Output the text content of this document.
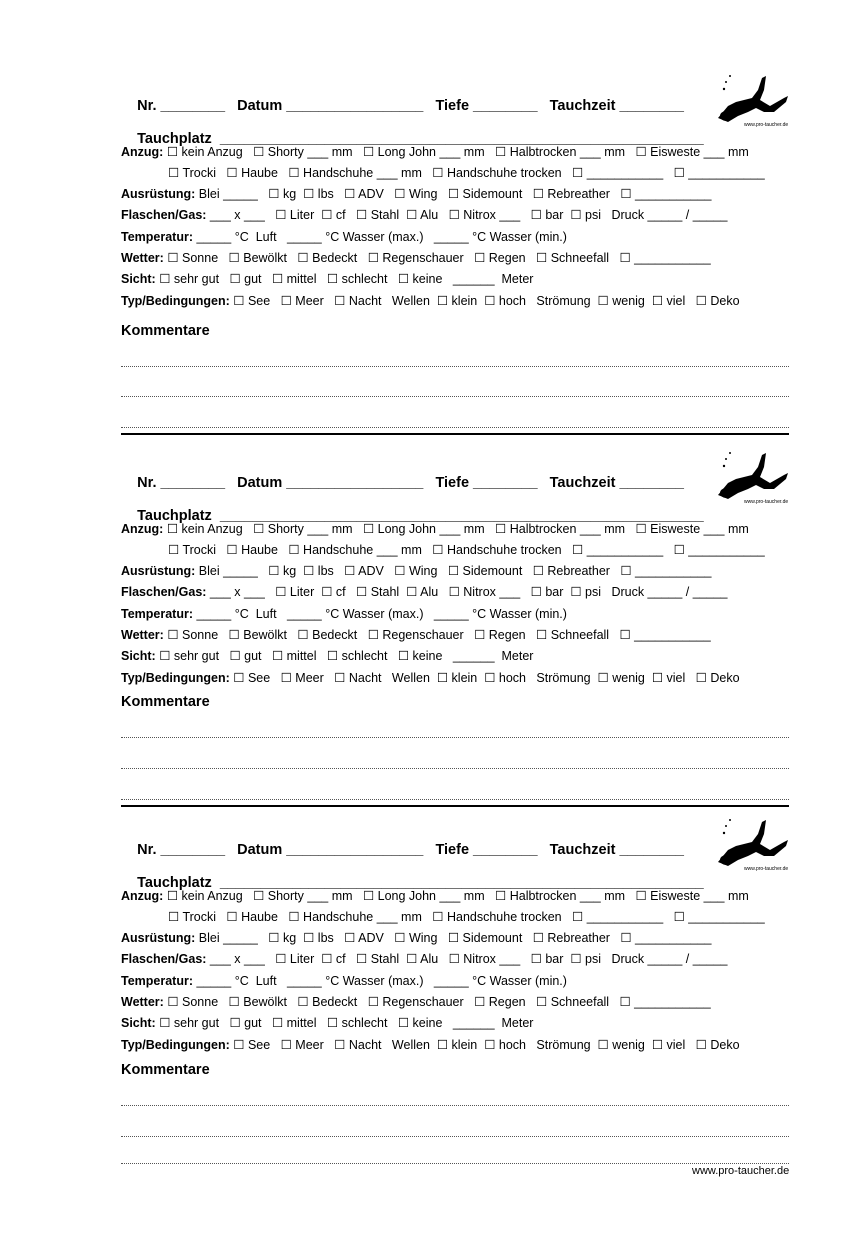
Nr. ________ Datum _________________ Tiefe ________ Tauchzeit ________

Tauchplatz ____________________________________________________________

www.pro-taucher.de
Anzug: ☐ kein Anzug   ☐ Shorty ___ mm   ☐ Long John ___ mm   ☐ Halbtrocken ___ mm   ☐ Eisweste ___ mm
☐ Trocki   ☐ Haube   ☐ Handschuhe ___ mm   ☐ Handschuhe trocken   ☐ ___________   ☐ ___________
Ausrüstung: Blei _____   ☐ kg  ☐ lbs   ☐ ADV   ☐ Wing   ☐ Sidemount   ☐ Rebreather   ☐ ___________
Flaschen/Gas: ___ x ___   ☐ Liter  ☐ cf   ☐ Stahl  ☐ Alu   ☐ Nitrox ___   ☐ bar  ☐ psi   Druck _____ / _____
Temperatur: _____ °C  Luft   _____ °C Wasser (max.)   _____ °C Wasser (min.)
Wetter: ☐ Sonne   ☐ Bewölkt   ☐ Bedeckt   ☐ Regenschauer   ☐ Regen   ☐ Schneefall   ☐ ___________
Sicht: ☐ sehr gut   ☐ gut   ☐ mittel   ☐ schlecht   ☐ keine   ______  Meter
Typ/Bedingungen: ☐ See   ☐ Meer   ☐ Nacht   Wellen  ☐ klein  ☐ hoch   Strömung  ☐ wenig  ☐ viel   ☐ Deko
Kommentare

Nr. ________ Datum _________________ Tiefe ________ Tauchzeit ________

Tauchplatz ____________________________________________________________

www.pro-taucher.de
Anzug: ☐ kein Anzug   ☐ Shorty ___ mm   ☐ Long John ___ mm   ☐ Halbtrocken ___ mm   ☐ Eisweste ___ mm
☐ Trocki   ☐ Haube   ☐ Handschuhe ___ mm   ☐ Handschuhe trocken   ☐ ___________   ☐ ___________
Ausrüstung: Blei _____   ☐ kg  ☐ lbs   ☐ ADV   ☐ Wing   ☐ Sidemount   ☐ Rebreather   ☐ ___________
Flaschen/Gas: ___ x ___   ☐ Liter  ☐ cf   ☐ Stahl  ☐ Alu   ☐ Nitrox ___   ☐ bar  ☐ psi   Druck _____ / _____
Temperatur: _____ °C  Luft   _____ °C Wasser (max.)   _____ °C Wasser (min.)
Wetter: ☐ Sonne   ☐ Bewölkt   ☐ Bedeckt   ☐ Regenschauer   ☐ Regen   ☐ Schneefall   ☐ ___________
Sicht: ☐ sehr gut   ☐ gut   ☐ mittel   ☐ schlecht   ☐ keine   ______  Meter
Typ/Bedingungen: ☐ See   ☐ Meer   ☐ Nacht   Wellen  ☐ klein  ☐ hoch   Strömung  ☐ wenig  ☐ viel   ☐ Deko
Kommentare

Nr. ________ Datum _________________ Tiefe ________ Tauchzeit ________

Tauchplatz ____________________________________________________________

www.pro-taucher.de
Anzug: ☐ kein Anzug   ☐ Shorty ___ mm   ☐ Long John ___ mm   ☐ Halbtrocken ___ mm   ☐ Eisweste ___ mm
☐ Trocki   ☐ Haube   ☐ Handschuhe ___ mm   ☐ Handschuhe trocken   ☐ ___________   ☐ ___________
Ausrüstung: Blei _____   ☐ kg  ☐ lbs   ☐ ADV   ☐ Wing   ☐ Sidemount   ☐ Rebreather   ☐ ___________
Flaschen/Gas: ___ x ___   ☐ Liter  ☐ cf   ☐ Stahl  ☐ Alu   ☐ Nitrox ___   ☐ bar  ☐ psi   Druck _____ / _____
Temperatur: _____ °C  Luft   _____ °C Wasser (max.)   _____ °C Wasser (min.)
Wetter: ☐ Sonne   ☐ Bewölkt   ☐ Bedeckt   ☐ Regenschauer   ☐ Regen   ☐ Schneefall   ☐ ___________
Sicht: ☐ sehr gut   ☐ gut   ☐ mittel   ☐ schlecht   ☐ keine   ______  Meter
Typ/Bedingungen: ☐ See   ☐ Meer   ☐ Nacht   Wellen  ☐ klein  ☐ hoch   Strömung  ☐ wenig  ☐ viel   ☐ Deko
Kommentare
www.pro-taucher.de
